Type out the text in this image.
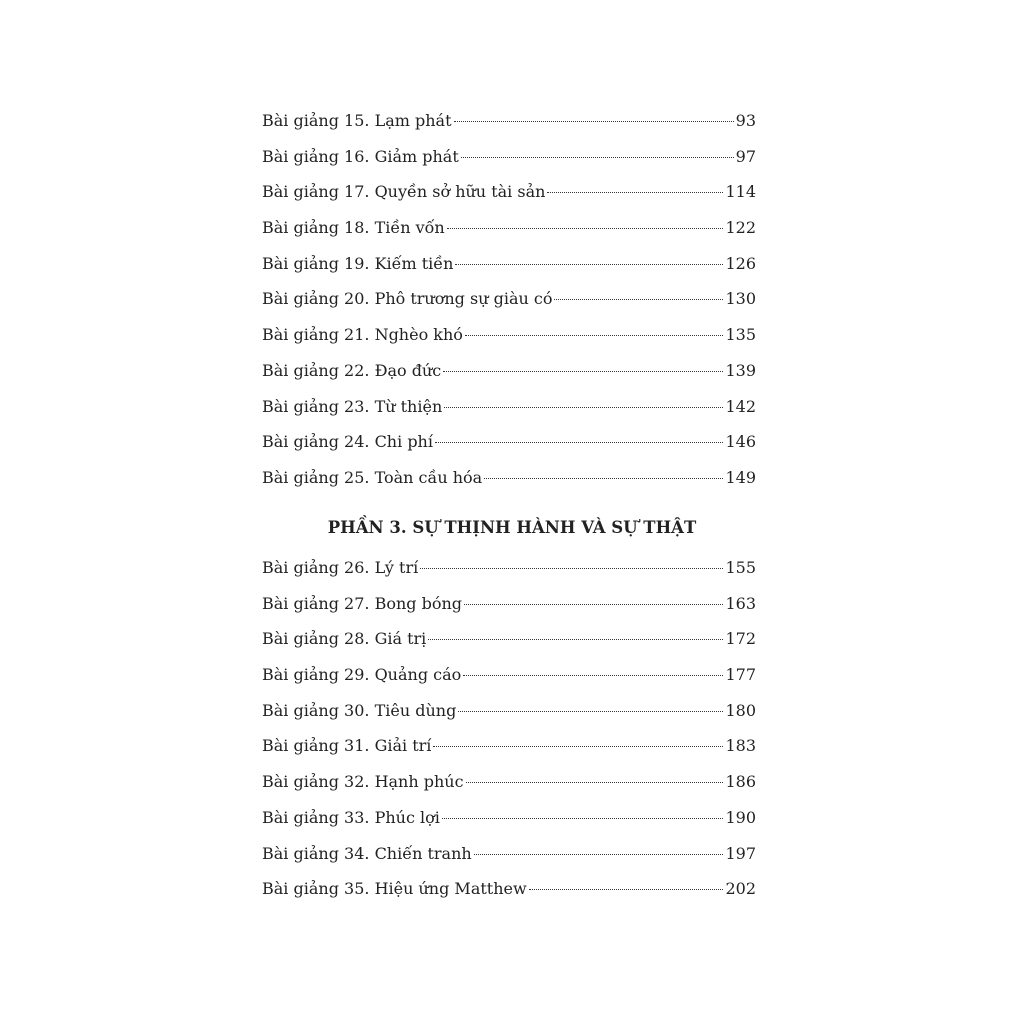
Bài giảng 15. Lạm phát	93
Bài giảng 16. Giảm phát	97
Bài giảng 17. Quyền sở hữu tài sản	114
Bài giảng 18. Tiền vốn	122
Bài giảng 19. Kiếm tiền	126
Bài giảng 20. Phô trương sự giàu có	130
Bài giảng 21. Nghèo khó	135
Bài giảng 22. Đạo đức	139
Bài giảng 23. Từ thiện	142
Bài giảng 24. Chi phí	146
Bài giảng 25. Toàn cầu hóa	149
PHẦN 3. SỰ THỊNH HÀNH VÀ SỰ THẬT
Bài giảng 26. Lý trí	155
Bài giảng 27. Bong bóng	163
Bài giảng 28. Giá trị	172
Bài giảng 29. Quảng cáo	177
Bài giảng 30. Tiêu dùng	180
Bài giảng 31. Giải trí	183
Bài giảng 32. Hạnh phúc	186
Bài giảng 33. Phúc lợi	190
Bài giảng 34. Chiến tranh	197
Bài giảng 35. Hiệu ứng Matthew	202
